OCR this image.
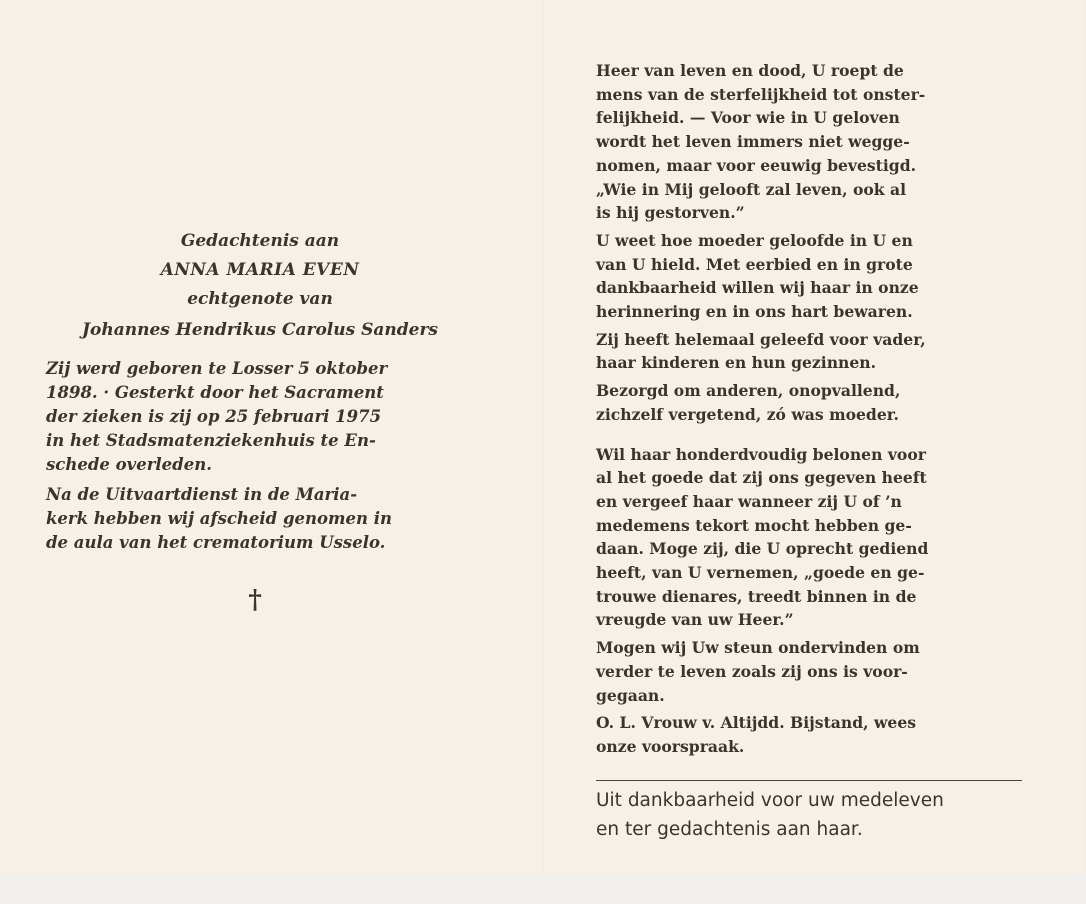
Gedachtenis aan
ANNA MARIA EVEN
echtgenote van
Johannes Hendrikus Carolus Sanders
Zij werd geboren te Losser 5 oktober
1898. · Gesterkt door het Sacrament
der zieken is zij op 25 februari 1975
in het Stadsmatenziekenhuis te En-
schede overleden.
Na de Uitvaartdienst in de Maria-
kerk hebben wij afscheid genomen in
de aula van het crematorium Usselo.
†

Heer van leven en dood, U roept de
mens van de sterfelijkheid tot onster-
felijkheid. — Voor wie in U geloven
wordt het leven immers niet wegge-
nomen, maar voor eeuwig bevestigd.
„Wie in Mij gelooft zal leven, ook al
is hij gestorven.”

U weet hoe moeder geloofde in U en
van U hield. Met eerbied en in grote
dankbaarheid willen wij haar in onze
herinnering en in ons hart bewaren.

Zij heeft helemaal geleefd voor vader,
haar kinderen en hun gezinnen.

Bezorgd om anderen, onopvallend,
zichzelf vergetend, zó was moeder.

Wil haar honderdvoudig belonen voor
al het goede dat zij ons gegeven heeft
en vergeef haar wanneer zij U of ’n
medemens tekort mocht hebben ge-
daan. Moge zij, die U oprecht gediend
heeft, van U vernemen, „goede en ge-
trouwe dienares, treedt binnen in de
vreugde van uw Heer.”

Mogen wij Uw steun ondervinden om
verder te leven zoals zij ons is voor-
gegaan.

O. L. Vrouw v. Altijdd. Bijstand, wees
onze voorspraak.

Uit dankbaarheid voor uw medeleven
en ter gedachtenis aan haar.
